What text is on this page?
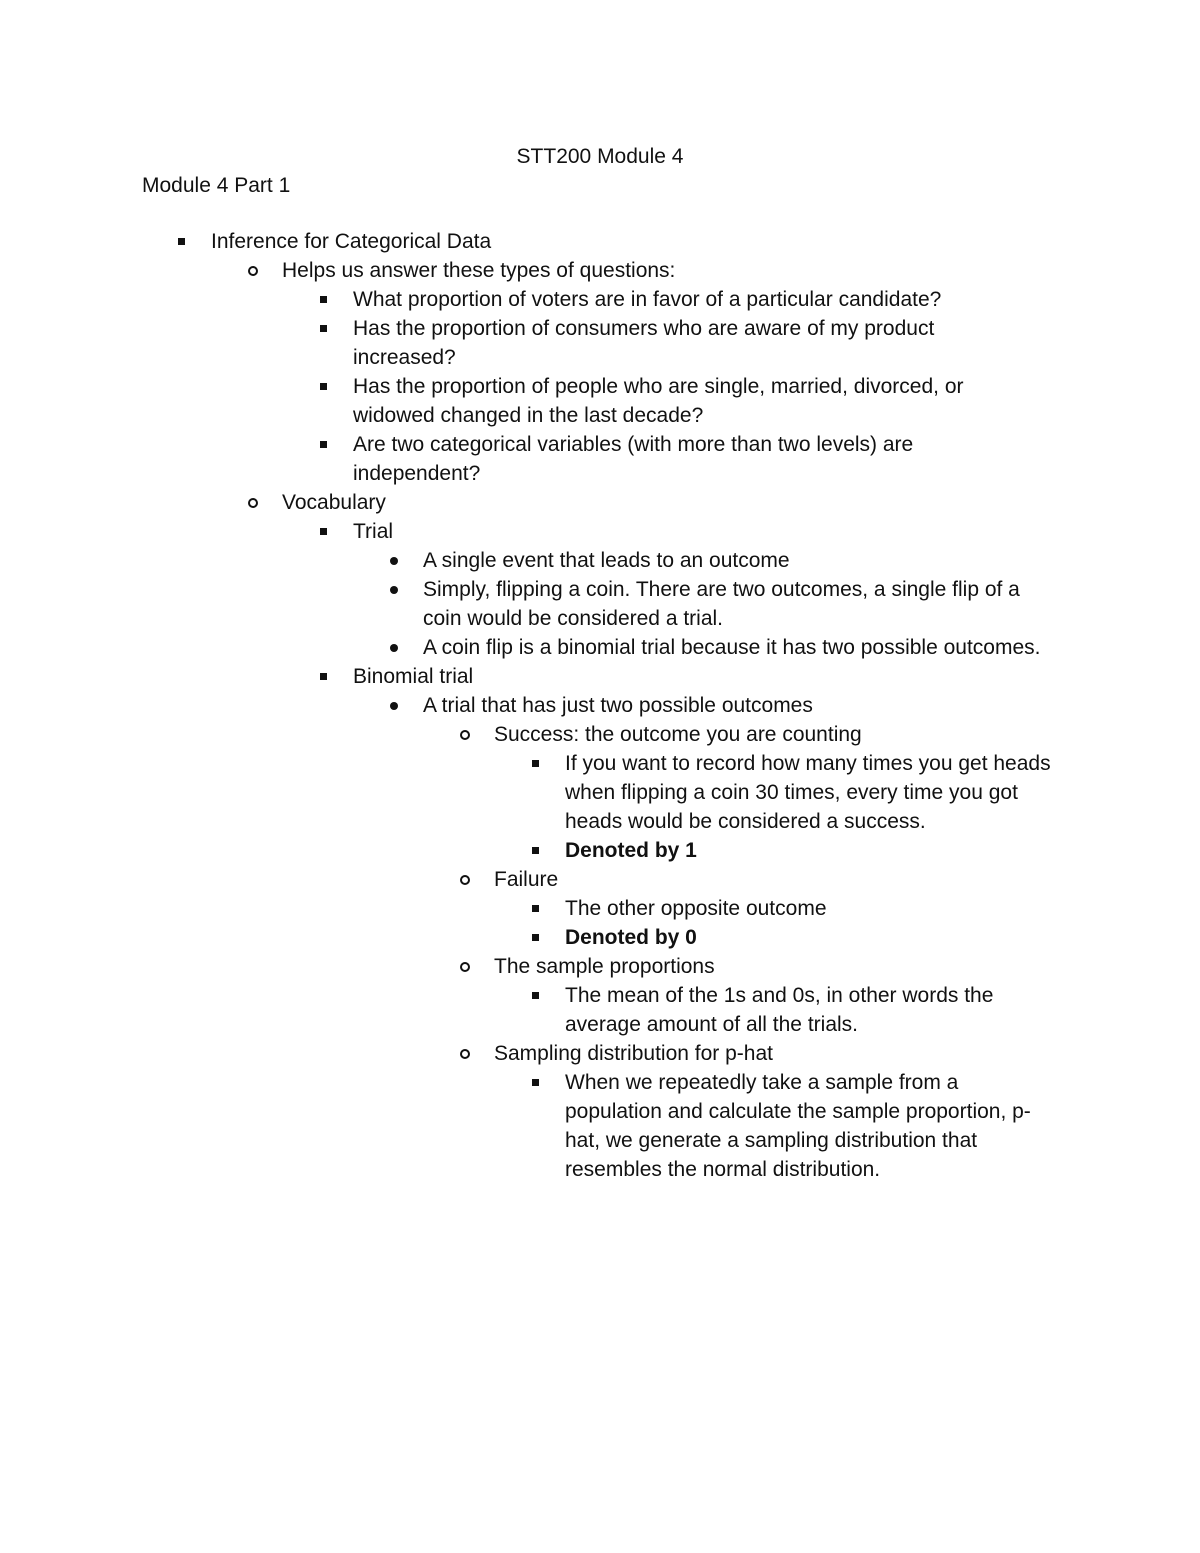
STT200 Module 4
Module 4 Part 1
Inference for Categorical Data
Helps us answer these types of questions:
What proportion of voters are in favor of a particular candidate?
Has the proportion of consumers who are aware of my product increased?
Has the proportion of people who are single, married, divorced, or widowed changed in the last decade?
Are two categorical variables (with more than two levels) are independent?
Vocabulary
Trial
A single event that leads to an outcome
Simply, flipping a coin. There are two outcomes, a single flip of a coin would be considered a trial.
A coin flip is a binomial trial because it has two possible outcomes.
Binomial trial
A trial that has just two possible outcomes
Success: the outcome you are counting
If you want to record how many times you get heads when flipping a coin 30 times, every time you got heads would be considered a success.
Denoted by 1
Failure
The other opposite outcome
Denoted by 0
The sample proportions
The mean of the 1s and 0s, in other words the average amount of all the trials.
Sampling distribution for p-hat
When we repeatedly take a sample from a population and calculate the sample proportion, p-hat, we generate a sampling distribution that resembles the normal distribution.
